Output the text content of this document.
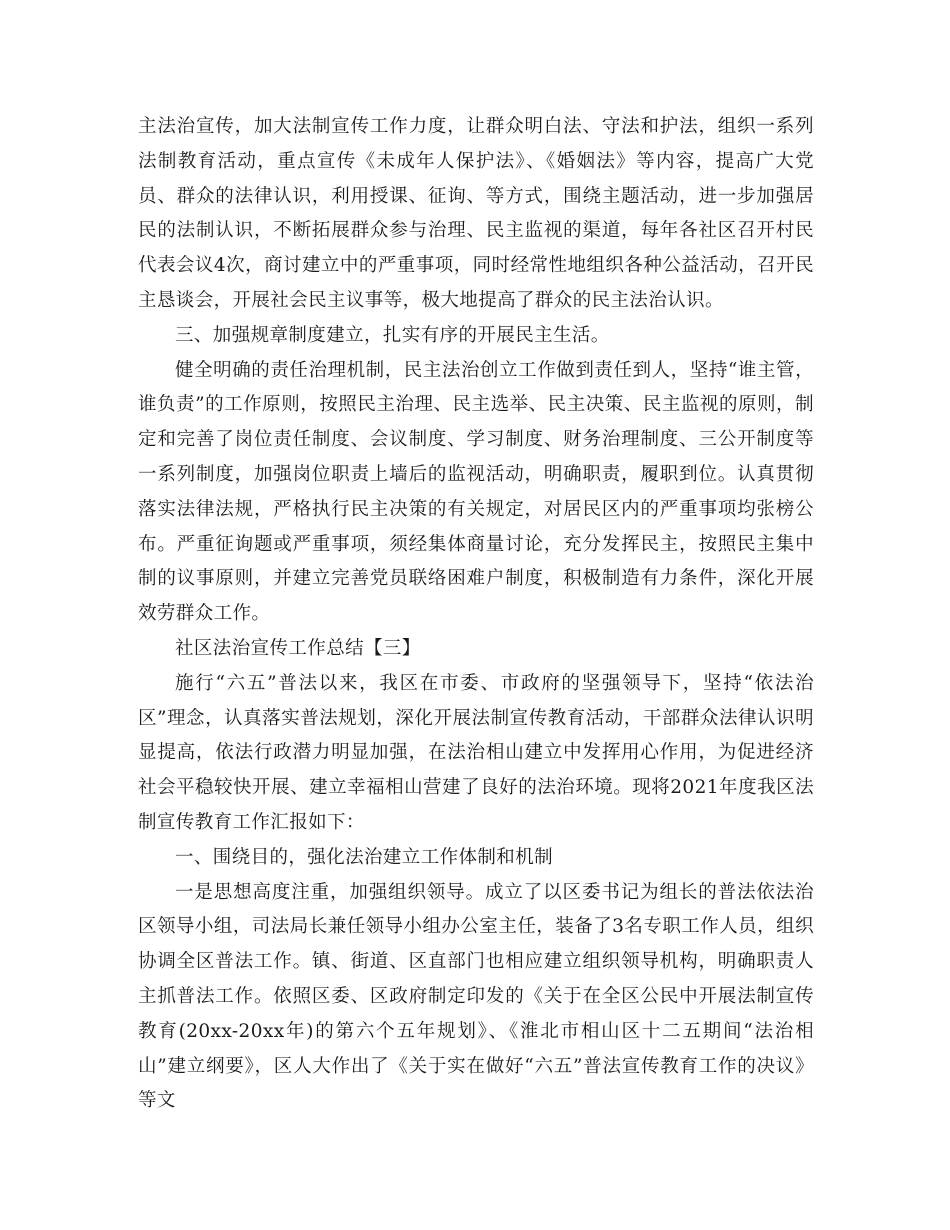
主法治宣传，加大法制宣传工作力度，让群众明白法、守法和护法，组织一系列法制教育活动，重点宣传《未成年人保护法》、《婚姻法》等内容，提高广大党员、群众的法律认识，利用授课、征询、等方式，围绕主题活动，进一步加强居民的法制认识，不断拓展群众参与治理、民主监视的渠道，每年各社区召开村民代表会议4次，商讨建立中的严重事项，同时经常性地组织各种公益活动，召开民主恳谈会，开展社会民主议事等，极大地提高了群众的民主法治认识。

三、加强规章制度建立，扎实有序的开展民主生活。

健全明确的责任治理机制，民主法治创立工作做到责任到人，坚持“谁主管，谁负责”的工作原则，按照民主治理、民主选举、民主决策、民主监视的原则，制定和完善了岗位责任制度、会议制度、学习制度、财务治理制度、三公开制度等一系列制度，加强岗位职责上墙后的监视活动，明确职责，履职到位。认真贯彻落实法律法规，严格执行民主决策的有关规定，对居民区内的严重事项均张榜公布。严重征询题或严重事项，须经集体商量讨论，充分发挥民主，按照民主集中制的议事原则，并建立完善党员联络困难户制度，积极制造有力条件，深化开展效劳群众工作。

社区法治宣传工作总结【三】

施行“六五”普法以来，我区在市委、市政府的坚强领导下，坚持“依法治区”理念，认真落实普法规划，深化开展法制宣传教育活动，干部群众法律认识明显提高，依法行政潜力明显加强，在法治相山建立中发挥用心作用，为促进经济社会平稳较快开展、建立幸福相山营建了良好的法治环境。现将2021年度我区法制宣传教育工作汇报如下：

一、围绕目的，强化法治建立工作体制和机制

一是思想高度注重，加强组织领导。成立了以区委书记为组长的普法依法治区领导小组，司法局长兼任领导小组办公室主任，装备了3名专职工作人员，组织协调全区普法工作。镇、街道、区直部门也相应建立组织领导机构，明确职责人主抓普法工作。依照区委、区政府制定印发的《关于在全区公民中开展法制宣传教育(20xx-20xx年)的第六个五年规划》、《淮北市相山区十二五期间“法治相山”建立纲要》，区人大作出了《关于实在做好“六五”普法宣传教育工作的决议》等文
